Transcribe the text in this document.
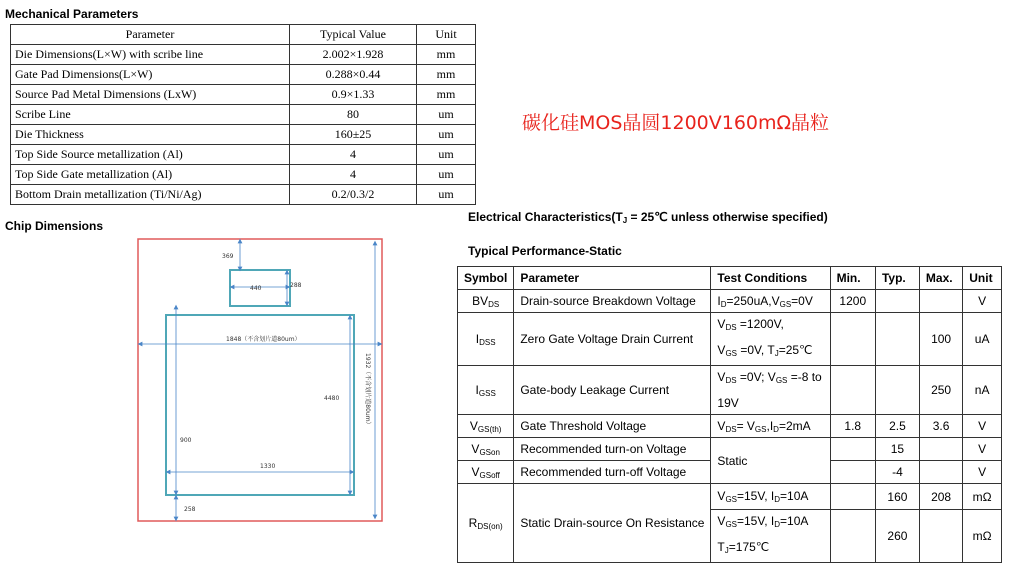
Mechanical Parameters
Parameter	Typical Value	Unit
Die Dimensions(L×W) with scribe line	2.002×1.928	mm
Gate Pad Dimensions(L×W)	0.288×0.44	mm
Source Pad Metal Dimensions (LxW)	0.9×1.33	mm
Scribe Line	80	um
Die Thickness	160±25	um
Top Side Source metallization (Al)	4	um
Top Side Gate metallization (Al)	4	um
Bottom Drain metallization (Ti/Ni/Ag)	0.2/0.3/2	um
碳化硅MOS晶圆1200V160mΩ晶粒
Chip Dimensions
369
440	288
1848（不含划片道80um）
1932（不含划片道80um）
4480
900
1330
258
Electrical $Characteristics(T_J$ = 25℃ unless otherwise specified)
Typical Performance-Static
Symbol	Parameter	Test Conditions	Min.	Typ.	Max.	Unit
$BV_{DS}$	Drain-source Breakdown Voltage	$I_D=250uA,V_{GS}=0V$	1200			V
$I_{DSS}$	Zero Gate Voltage Drain Current	$V_{DS} =1200V$,
$V_{GS} =0V$, $T_J=25℃$			100	uA
$I_{GSS}$	Gate-body Leakage Current	$V_{DS} =0V$; $V_{GS} =-8$ to
19V			250	nA
$V_{GS(th)}$	Gate Threshold Voltage	$V_{DS}= V_{GS},I_D=2mA$	1.8	2.5	3.6	V
$V_{GSon}$	Recommended turn-on Voltage	Static		15		V
$V_{GSoff}$	Recommended turn-off Voltage			-4		V
$R_{DS(on)}$	Static Drain-source On Resistance	$V_{GS}=15V$, $I_D=10A$		160	208	mΩ
		$V_{GS}=15V$, $I_D=10A$
$T_J=175℃$		260		mΩ
